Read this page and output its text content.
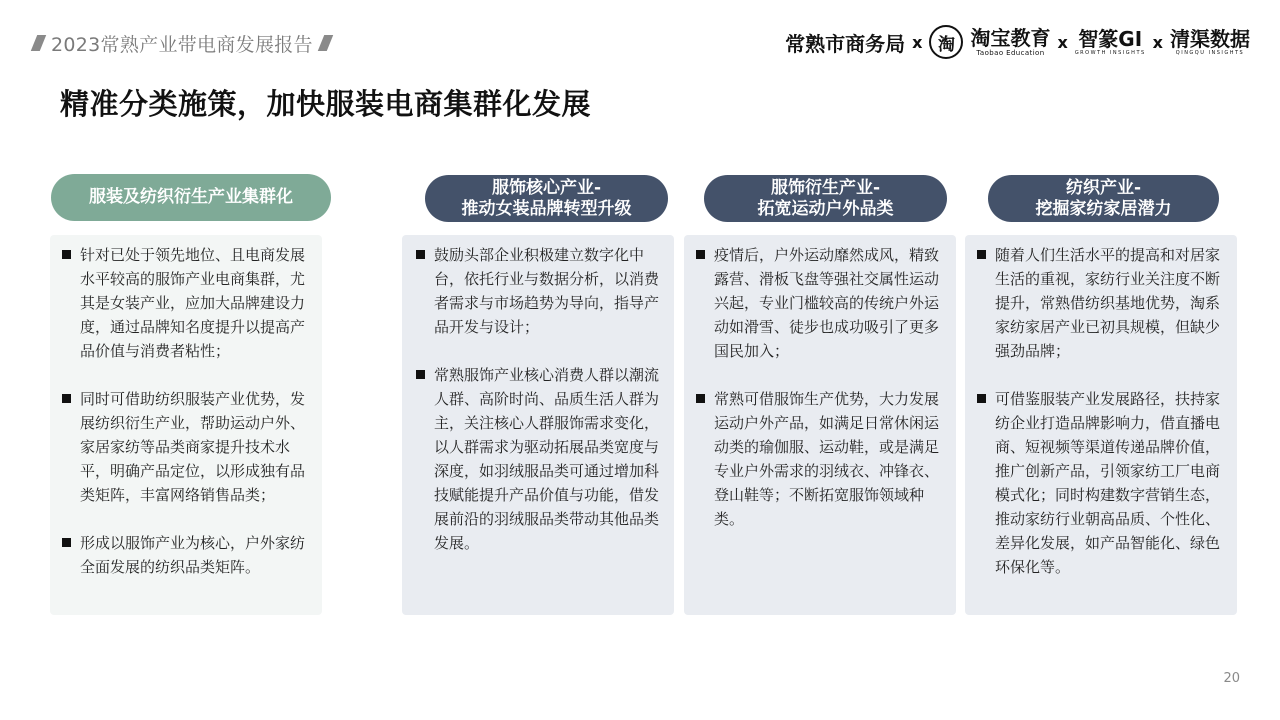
2023常熟产业带电商发展报告	常熟市商务局 x 淘 淘宝教育
Taobao Education
x 智篆GI
GROWTH INSIGHTS
x 清渠数据
QINGQU INSIGHTS
精准分类施策，加快服装电商集群化发展
服装及纺织衍生产业集群化
针对已处于领先地位、且电商发展水平较高的服饰产业电商集群，尤其是女装产业，应加大品牌建设力度，通过品牌知名度提升以提高产品价值与消费者粘性；
同时可借助纺织服装产业优势，发展纺织衍生产业，帮助运动户外、家居家纺等品类商家提升技术水平，明确产品定位，以形成独有品类矩阵，丰富网络销售品类；
形成以服饰产业为核心，户外家纺全面发展的纺织品类矩阵。
服饰核心产业-
推动女装品牌转型升级
鼓励头部企业积极建立数字化中台，依托行业与数据分析，以消费者需求与市场趋势为导向，指导产品开发与设计；
常熟服饰产业核心消费人群以潮流人群、高阶时尚、品质生活人群为主，关注核心人群服饰需求变化，以人群需求为驱动拓展品类宽度与深度，如羽绒服品类可通过增加科技赋能提升产品价值与功能，借发展前沿的羽绒服品类带动其他品类发展。
服饰衍生产业-
拓宽运动户外品类
疫情后，户外运动靡然成风，精致露营、滑板飞盘等强社交属性运动兴起，专业门槛较高的传统户外运动如滑雪、徒步也成功吸引了更多国民加入；
常熟可借服饰生产优势，大力发展运动户外产品，如满足日常休闲运动类的瑜伽服、运动鞋，或是满足专业户外需求的羽绒衣、冲锋衣、登山鞋等；不断拓宽服饰领域种类。
纺织产业-
挖掘家纺家居潜力
随着人们生活水平的提高和对居家生活的重视，家纺行业关注度不断提升，常熟借纺织基地优势，淘系家纺家居产业已初具规模，但缺少强劲品牌；
可借鉴服装产业发展路径，扶持家纺企业打造品牌影响力，借直播电商、短视频等渠道传递品牌价值，推广创新产品，引领家纺工厂电商模式化；同时构建数字营销生态，推动家纺行业朝高品质、个性化、差异化发展，如产品智能化、绿色环保化等。
20
